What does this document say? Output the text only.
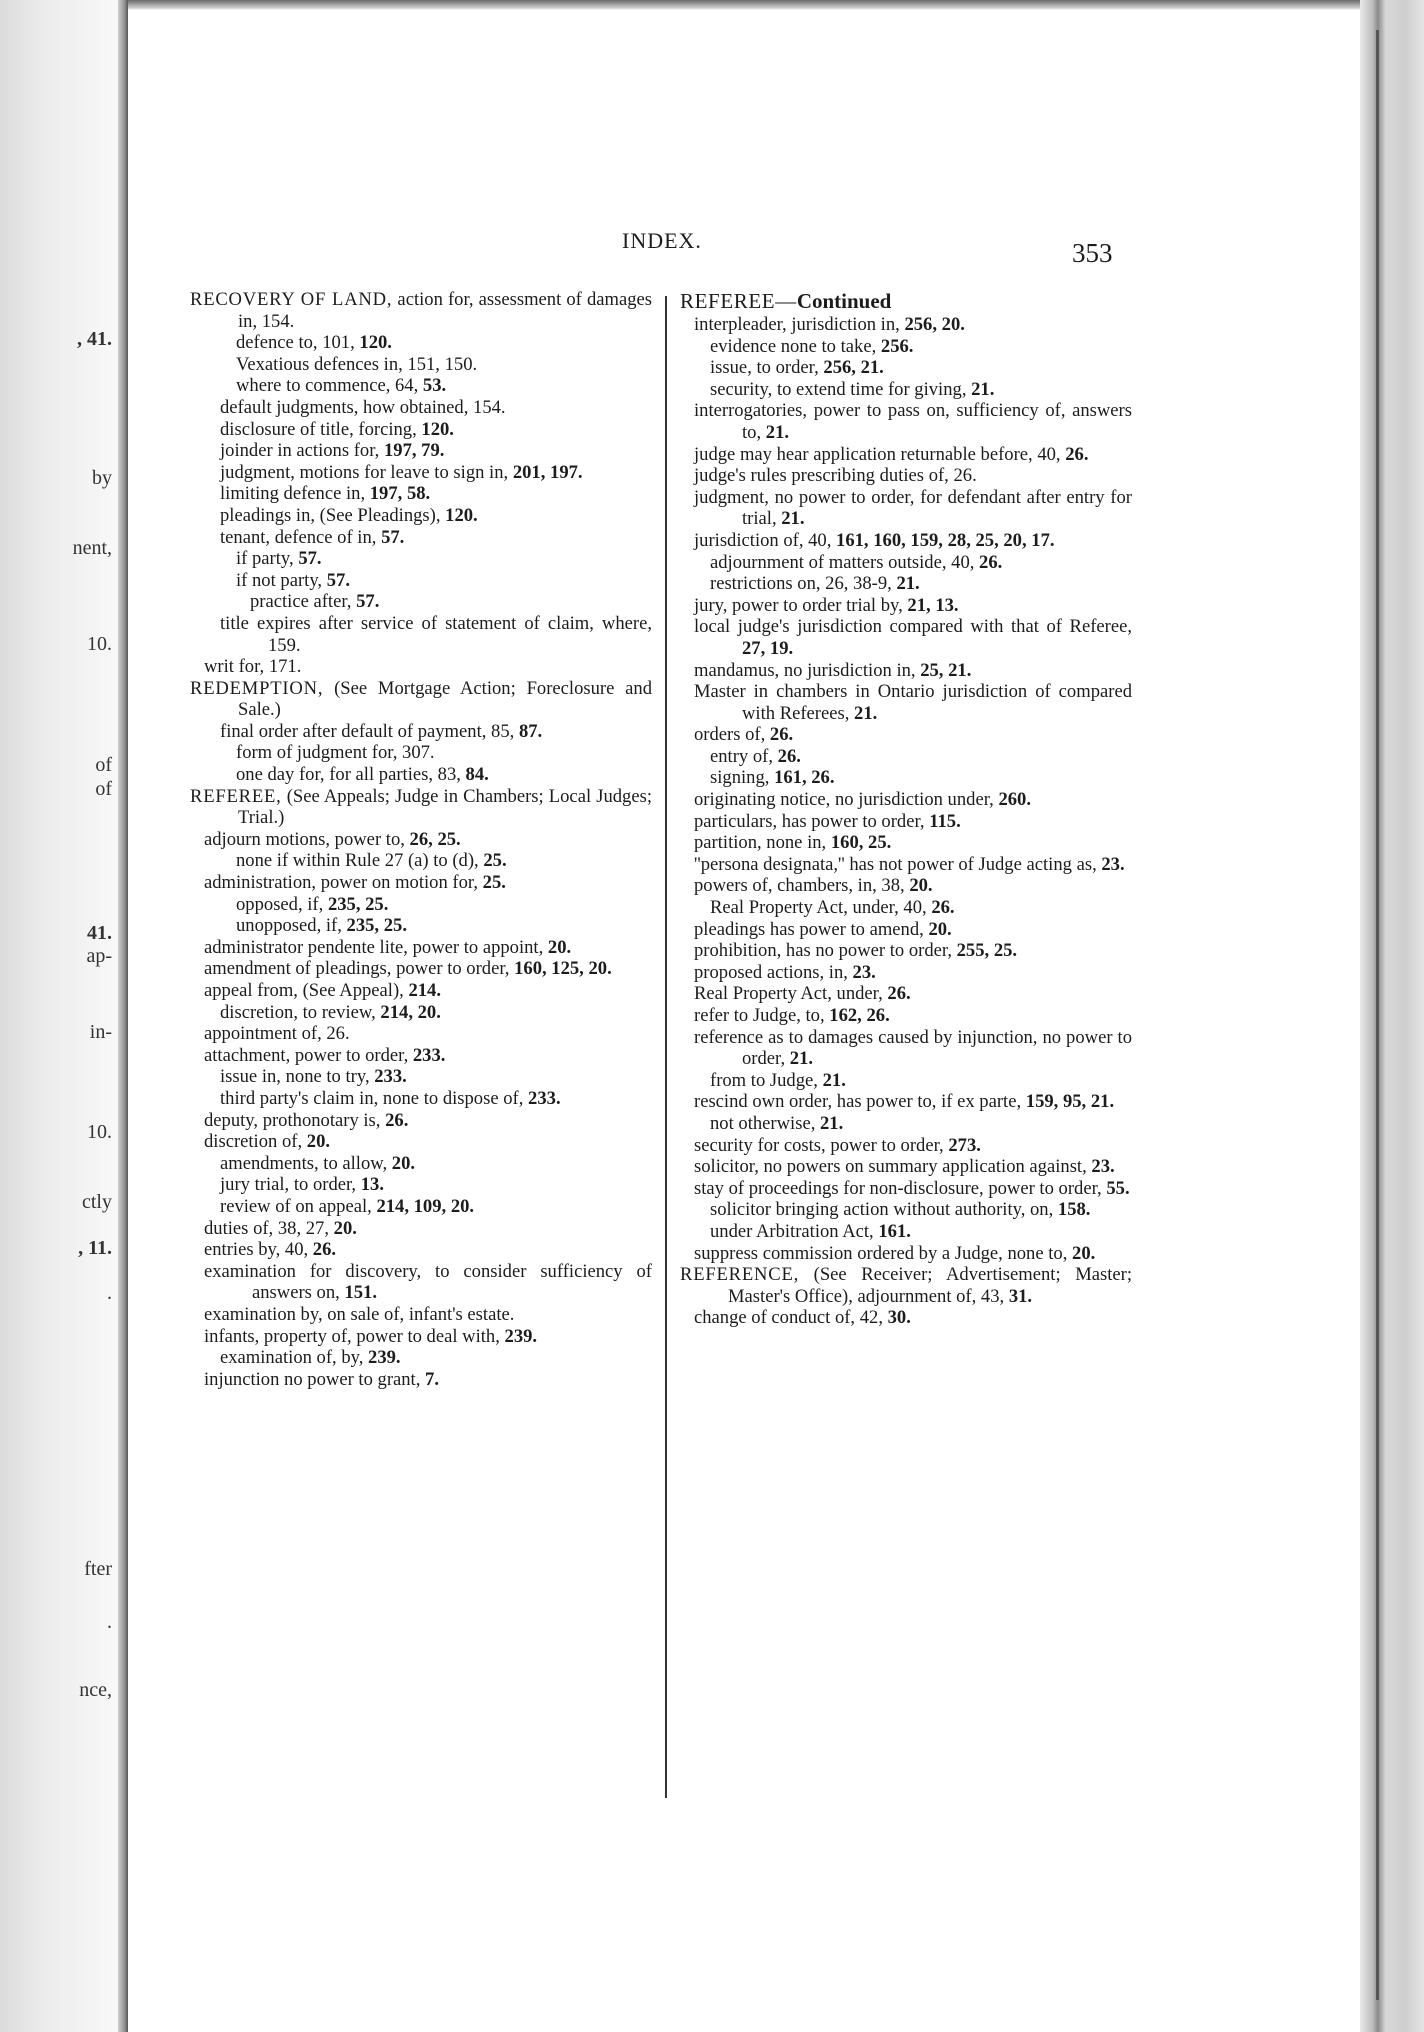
, 41.
by
nent,
10.
of
of
41.
ap-
in-
10.
ctly
, 11.
.
fter
.
nce,
INDEX.	353
RECOVERY OF LAND, action for, assessment of damages in, 154.
defence to, 101, 120.
Vexatious defences in, 151, 150.
where to commence, 64, 53.
default judgments, how obtained, 154.
disclosure of title, forcing, 120.
joinder in actions for, 197, 79.
judgment, motions for leave to sign in, 201, 197.
limiting defence in, 197, 58.
pleadings in, (See Pleadings), 120.
tenant, defence of in, 57.
if party, 57.
if not party, 57.
practice after, 57.
title expires after service of statement of claim, where, 159.
writ for, 171.
REDEMPTION, (See Mortgage Action; Foreclosure and Sale.)
final order after default of payment, 85, 87.
form of judgment for, 307.
one day for, for all parties, 83, 84.
REFEREE, (See Appeals; Judge in Chambers; Local Judges; Trial.)
adjourn motions, power to, 26, 25.
none if within Rule 27 (a) to (d), 25.
administration, power on motion for, 25.
opposed, if, 235, 25.
unopposed, if, 235, 25.
administrator pendente lite, power to appoint, 20.
amendment of pleadings, power to order, 160, 125, 20.
appeal from, (See Appeal), 214.
discretion, to review, 214, 20.
appointment of, 26.
attachment, power to order, 233.
issue in, none to try, 233.
third party's claim in, none to dispose of, 233.
deputy, prothonotary is, 26.
discretion of, 20.
amendments, to allow, 20.
jury trial, to order, 13.
review of on appeal, 214, 109, 20.
duties of, 38, 27, 20.
entries by, 40, 26.
examination for discovery, to consider sufficiency of answers on, 151.
examination by, on sale of, infant's estate.
infants, property of, power to deal with, 239.
examination of, by, 239.
injunction no power to grant, 7.
REFEREE—Continued
interpleader, jurisdiction in, 256, 20.
evidence none to take, 256.
issue, to order, 256, 21.
security, to extend time for giving, 21.
interrogatories, power to pass on, sufficiency of, answers to, 21.
judge may hear application returnable before, 40, 26.
judge's rules prescribing duties of, 26.
judgment, no power to order, for defendant after entry for trial, 21.
jurisdiction of, 40, 161, 160, 159, 28, 25, 20, 17.
adjournment of matters outside, 40, 26.
restrictions on, 26, 38-9, 21.
jury, power to order trial by, 21, 13.
local judge's jurisdiction compared with that of Referee, 27, 19.
mandamus, no jurisdiction in, 25, 21.
Master in chambers in Ontario jurisdiction of compared with Referees, 21.
orders of, 26.
entry of, 26.
signing, 161, 26.
originating notice, no jurisdiction under, 260.
particulars, has power to order, 115.
partition, none in, 160, 25.
''persona designata,'' has not power of Judge acting as, 23.
powers of, chambers, in, 38, 20.
Real Property Act, under, 40, 26.
pleadings has power to amend, 20.
prohibition, has no power to order, 255, 25.
proposed actions, in, 23.
Real Property Act, under, 26.
refer to Judge, to, 162, 26.
reference as to damages caused by injunction, no power to order, 21.
from to Judge, 21.
rescind own order, has power to, if ex parte, 159, 95, 21.
not otherwise, 21.
security for costs, power to order, 273.
solicitor, no powers on summary application against, 23.
stay of proceedings for non-disclosure, power to order, 55.
solicitor bringing action without authority, on, 158.
under Arbitration Act, 161.
suppress commission ordered by a Judge, none to, 20.
REFERENCE, (See Receiver; Advertisement; Master; Master's Office), adjournment of, 43, 31.
change of conduct of, 42, 30.
